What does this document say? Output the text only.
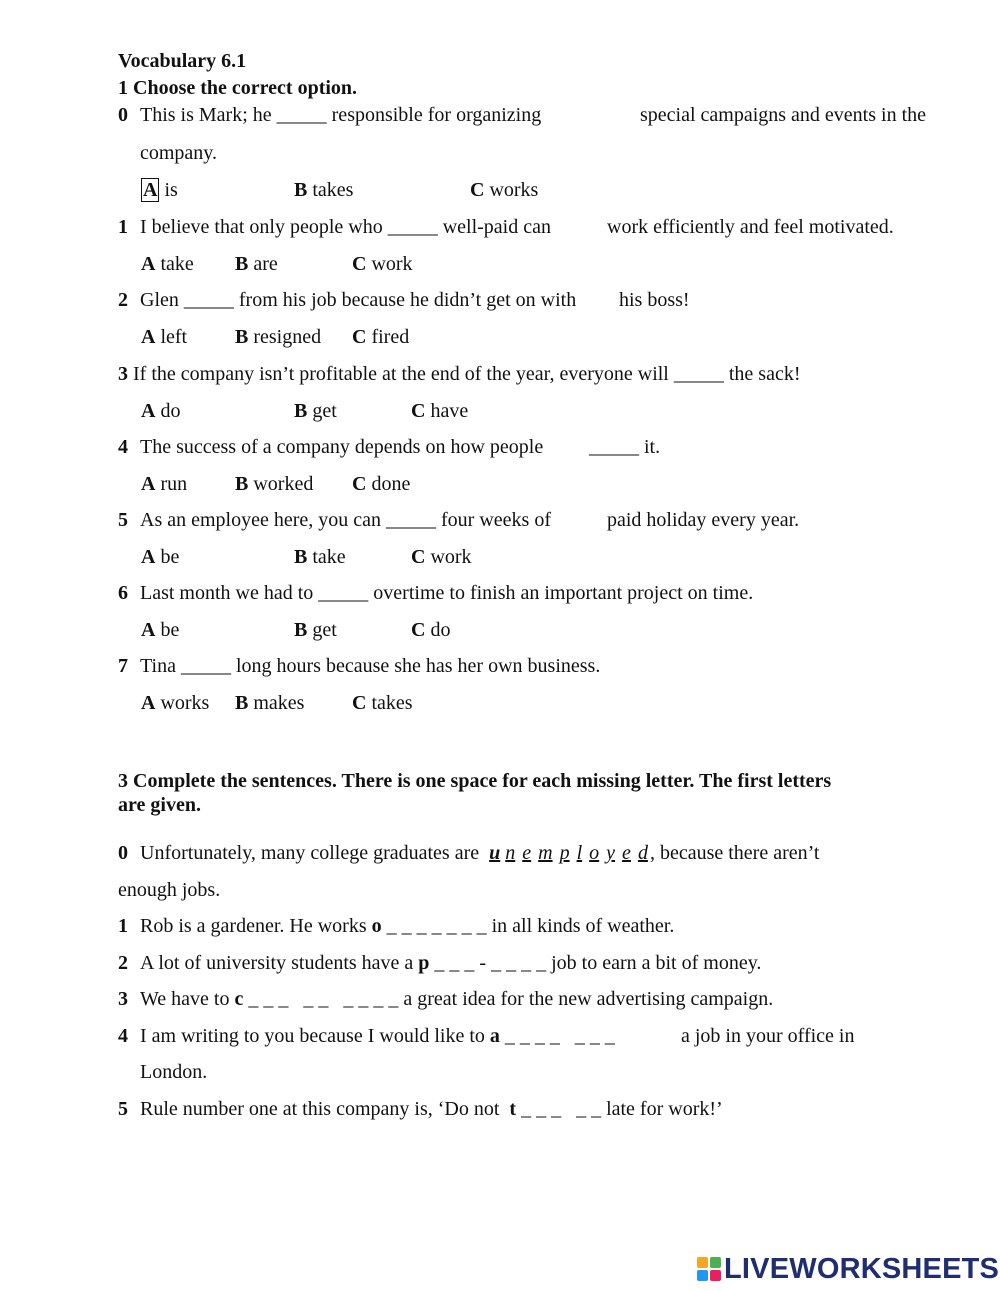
Vocabulary 6.1
1 Choose the correct option.
0 This is Mark; he _____ responsible for organizing	special campaigns and events in the
company.
A is	B takes	C works
1 I believe that only people who _____ well-paid can	work efficiently and feel motivated.
A take B are	C work
2 Glen _____ from his job because he didn’t get on with his boss!
A left B resigned C fired
3 If the company isn’t profitable at the end of the year, everyone will _____ the sack!
A do	B get	C have
4 The success of a company depends on how people _____ it.
A run B worked C done
5 As an employee here, you can _____ four weeks of	paid holiday every year.
A be	B take	C work
6 Last month we had to _____ overtime to finish an important project on time.
A be	B get	C do
7 Tina _____ long hours because she has her own business.
A works B makes C takes
3 Complete the sentences. There is one space for each missing letter. The first letters
are given.
0 Unfortunately, many college graduates are u n e m p l o y e d , because there aren’t
enough jobs.
1 Rob is a gardener. He works o _ _ _ _ _ _ _ in all kinds of weather.
2 A lot of university students have a p _ _ _ - _ _ _ _ job to earn a bit of money.
3 We have to c _ _ _   _ _   _ _ _ _ a great idea for the new advertising campaign.
4 I am writing to you because I would like to a _ _ _ _   _ _ _	a job in your office in
London.
5 Rule number one at this company is, ‘Do not t _ _ _   _ _ late for work!’
LIVEWORKSHEETS
